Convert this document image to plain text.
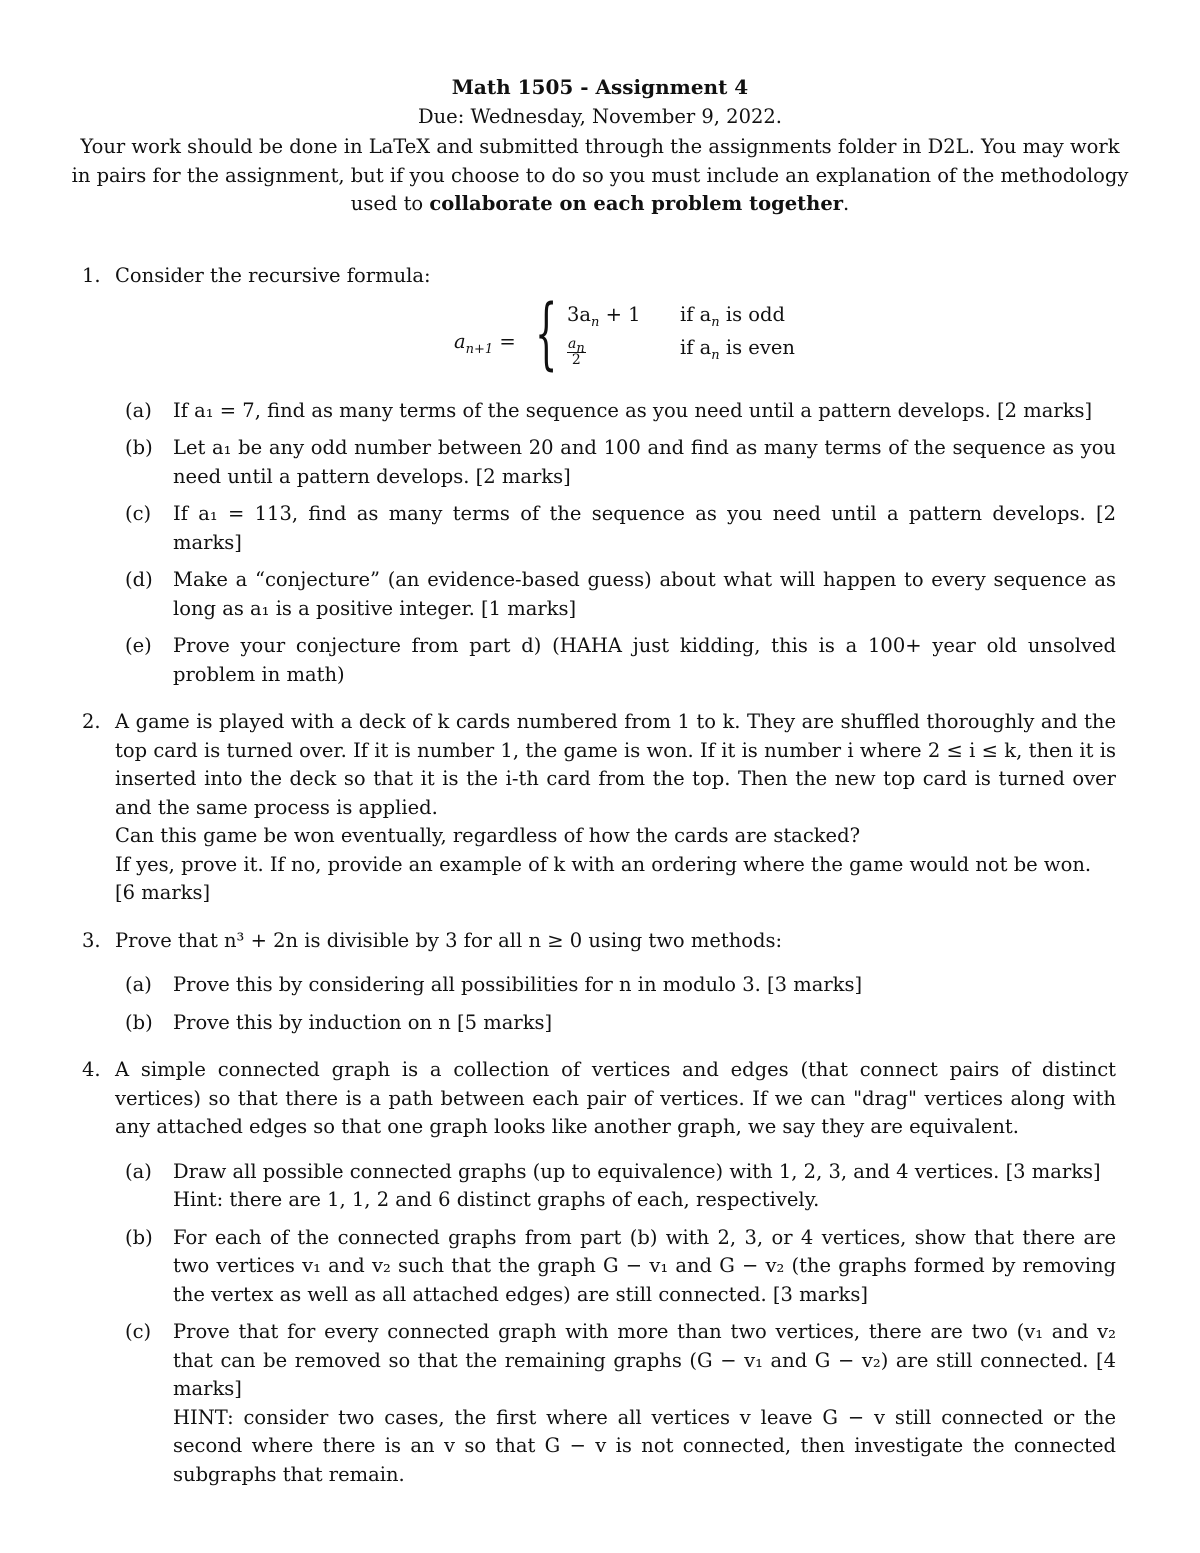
Math 1505 - Assignment 4
Due: Wednesday, November 9, 2022.
Your work should be done in LaTeX and submitted through the assignments folder in D2L. You may work in pairs for the assignment, but if you choose to do so you must include an explanation of the methodology used to collaborate on each problem together.
1. Consider the recursive formula:
$a_{n+1}$ = { $3a_n + 1$
$\frac{a_n}{2}$
if $a_n$ is odd
if $a_n$ is even
(a) If a₁ = 7, find as many terms of the sequence as you need until a pattern develops. [2 marks]
(b) Let a₁ be any odd number between 20 and 100 and find as many terms of the sequence as you need until a pattern develops. [2 marks]
(c) If a₁ = 113, find as many terms of the sequence as you need until a pattern develops. [2 marks]
(d) Make a “conjecture” (an evidence-based guess) about what will happen to every sequence as long as a₁ is a positive integer. [1 marks]
(e) Prove your conjecture from part d) (HAHA just kidding, this is a 100+ year old unsolved problem in math)
2. A game is played with a deck of k cards numbered from 1 to k. They are shuffled thoroughly and the top card is turned over. If it is number 1, the game is won. If it is number i where 2 ≤ i ≤ k, then it is inserted into the deck so that it is the i-th card from the top. Then the new top card is turned over and the same process is applied.
Can this game be won eventually, regardless of how the cards are stacked?
If yes, prove it. If no, provide an example of k with an ordering where the game would not be won.
[6 marks]
3. Prove that n³ + 2n is divisible by 3 for all n ≥ 0 using two methods:
(a) Prove this by considering all possibilities for n in modulo 3. [3 marks]
(b) Prove this by induction on n [5 marks]
4. A simple connected graph is a collection of vertices and edges (that connect pairs of distinct vertices) so that there is a path between each pair of vertices. If we can "drag" vertices along with any attached edges so that one graph looks like another graph, we say they are equivalent.
(a) Draw all possible connected graphs (up to equivalence) with 1, 2, 3, and 4 vertices. [3 marks]
Hint: there are 1, 1, 2 and 6 distinct graphs of each, respectively.
(b) For each of the connected graphs from part (b) with 2, 3, or 4 vertices, show that there are two vertices v₁ and v₂ such that the graph G − v₁ and G − v₂ (the graphs formed by removing the vertex as well as all attached edges) are still connected. [3 marks]
(c) Prove that for every connected graph with more than two vertices, there are two (v₁ and v₂ that can be removed so that the remaining graphs (G − v₁ and G − v₂) are still connected. [4 marks]
HINT: consider two cases, the first where all vertices v leave G − v still connected or the second where there is an v so that G − v is not connected, then investigate the connected subgraphs that remain.
